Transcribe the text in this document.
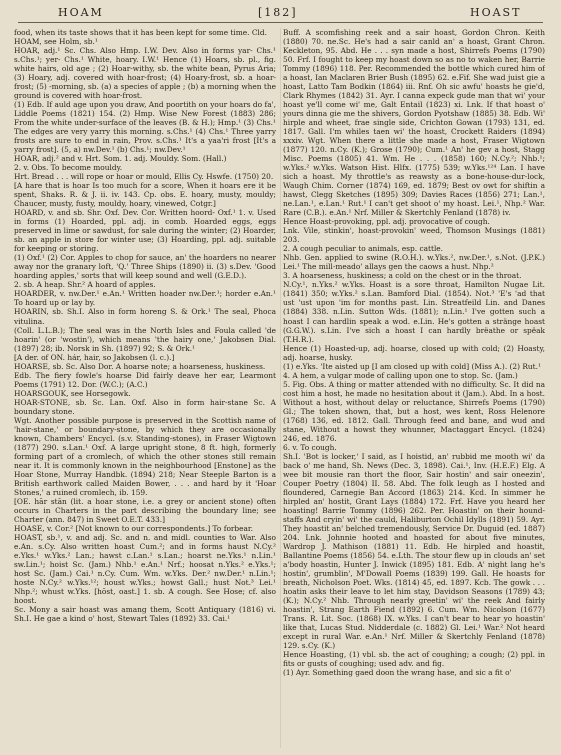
HOAM	[182]	HOAST

food, when its taste shows that it has been kept for some time. Cld.

HOAM, see Holm, sb.¹

HOAR, adj.¹ Sc. Chs. Also Hmp. I.W. Dev. Also in forms yar- Chs.¹ s.Chs.¹; yer- Chs.¹ White, hoary. I.W.¹ Hence (1) Hoars, sb. pl., fig. white hairs, old age ; (2) Hoar-withy, sb. the white bean, Pyrus Aria; (3) Hoary, adj. covered with hoar-frost; (4) Hoary-frost, sb. a hoar-frost; (5) -morning, sb. (a) a species of apple ; (b) a morning when the ground is covered with hoar-frost.

(1) Edb. If auld age upon you draw, And poortith on your hoars do fa', Liddle Poems (1821) 154. (2) Hmp. Wise New Forest (1883) 286; From the white under-surface of the leaves (B. & H.); Hmp.¹ (3) Chs.¹ The edges are very yarry this morning. s.Chs.¹ (4) Chs.¹ Three yarry frosts are sure to end in rain, Prov. s.Chs.¹ It's a yaa'ri frost [It's a yarry frost]. (5, a) nw.Dev.¹ (b) Chs.¹; nw.Dev.¹

HOAR, adj.² and v. Hrt. Som. 1. adj. Mouldy. Som. (Hall.)

2. v. Obs. To become mouldy.

Hrt. Bread . . . will rope or hoar or mould, Ellis Cy. Hswfe. (1750) 20.

[A hare that is hoar Is too much for a score, When it hoars ere it be spent, Shaks. R. & J. ii. iv. 143. Cp. obs. E. hoary, musty, mouldy; Chaucer, musty, fusty, mouldy, hoary, vinewed, Cotgr.]

HOARD, v. and sb. Shr. Oxf. Dev. Cor. Written hoord- Oxf.¹ 1. v. Used in forms (1) Hoarded, ppl. adj. in comb. Hoarded eggs, eggs preserved in lime or sawdust, for sale during the winter; (2) Hoarder, sb. an apple in store for winter use; (3) Hoarding, ppl. adj. suitable for keeping or storing.

(1) Oxf.¹ (2) Cor. Apples to chop for sauce, an' the hoarders no nearer away nor the granary loft, 'Q.' Three Ships (1890) ii. (3) s.Dev. 'Good hoarding apples,' sorts that will keep sound and well (G.E.D.).

2. sb. A heap. Shr.² A hoard of apples.

HOARDER, v. nw.Der.¹ e.An.¹ Written hoader nw.Der.¹; horder e.An.¹ To hoard up or lay by.

HOARIN, sb. Sh.I. Also in form horeng S. & Ork.¹ The seal, Phoca vitulina.

(Coll. L.L.B.); The seal was in the North Isles and Foula called 'de hoarin' (or 'wostin'), which means 'the hairy one,' Jakobsen Dial. (1897) 28; ib. Norsk in Sh. (1897) 92; S. & Ork.¹

[A der. of ON. hár, hair, so Jakobsen (l. c.).]

HOARSE, sb. Sc. Also Dor. A hoarse note; a hoarseness, huskiness.

Edb. The fiery fowle's hoarse Did fairly deave her ear, Learmont Poems (1791) 12. Dor. (W.C.); (A.C.)

HOARSGOUK, see Horsegowk.

HOAR-STONE, sb. Sc. Lan. Oxf. Also in form hair-stane Sc. A boundary stone.

Wgt. Another possible purpose is preserved in the Scottish name of 'hair-stane,' or boundary-stone, by which they are occasionally known, Chambers' Encycl. (s.v. Standing-stones), in Fraser Wigtown (1877) 290. s.Lan.¹ Oxf. A large upright stone, 8 ft. high, formerly forming part of a cromlech, of which the other stones still remain near it. It is commonly known in the neighbourhood [Enstone] as the Hoar Stone, Murray Handbk. (1894) 218; Near Steeple Barton is a British earthwork called Maiden Bower, . . . and hard by it 'Hoar Stones,' a ruined cromlech, ib. 159.

[OE. hār stān (lit. a hoar stone, i.e. a grey or ancient stone) often occurs in Charters in the part describing the boundary line; see Charter (ann. 847) in Sweet O.E.T. 433.]

HOASE, v. Cor.² [Not known to our correspondents.] To forbear.

HOAST, sb.¹, v. and adj. Sc. and n. and midl. counties to War. Also e.An. s.Cy. Also written hoast Cum.²; and in forms haust N.Cy.² e.Yks.¹ w.Yks.² Lan.; hawst c.Lan.¹ s.Lan.; hoarst ne.Yks.¹ n.Lin.¹ sw.Lin.¹; hoist Sc. (Jam.) Nhb.¹ e.An.¹ Nrf.; hoosat n.Yks.² e.Yks.¹; host Sc. (Jam.) Cai.¹ n.Cy. Cum. Wm. w.Yks. Der.² nw.Der.¹ n.Lin.¹; hoste N.Cy.² w.Yks.¹²; houst w.Yks.; howst Gall.; hust Not.³ Lei.¹ Nhp.²; whust w.Yks. [hōst, oast.] 1. sb. A cough. See Hose; cf. also hoost.

Sc. Mony a sair hoast was amang them, Scott Antiquary (1816) vi. Sh.I. He gae a kind o' host, Stewart Tales (1892) 33. Cai.¹

Buff. A scomfishing reek and a sair hoast, Gordon Chron. Keith (1880) 70. ne.Sc. He's had a sair canld an' a hoast, Grant Chron. Keckleton, 95. Abd. He . . . syn made a host, Shirrefs Poems (1790) 50. Frf. I fought to keep my hoast down so as no to waken her, Barrie Tommy (1896) 118. Per. Recommended the bottle which cured him of a hoast, Ian Maclaren Brier Bush (1895) 62. e.Fif. She wad juist gie a hoast, Latto Tam Bodkin (1864) iii. Rnf. Oh sic awfu' hoasts he gie'd, Clark Rhymes (1842) 31. Ayr. I canna expeck gude man that wi' your hoast ye'll come wi' me, Galt Entail (1823) xi. Lnk. If that hoast o' yours dinna gie me the shivers, Gordon Pyotshaw (1885) 38. Edb. Wi' hirple and wheet, frae single side, Crichton Gowan (1793) 131, ed. 1817. Gall. I'm whiles taen wi' the hoast, Crockett Raiders (1894) xxxiv. Wgt. When there a little she made a host, Fraser Wigtown (1877) 120. n.Cy. (K.); Grose (1790); Cum.¹ An' he gev a host, Stagg Misc. Poems (1805) 41. Wm. He . . . (1858) 160; N.Cy.²; Nhb.¹; w.Yks.² w.Yks. Watson Hist. Hlfx. (1775) 539; w.Yks.¹²⁴ Lan. I have sich a hoast. My throttle's as reawsty as a bone-house-dur-lock, Waugh Chim. Corner (1874) 169, ed. 1879; Best ov owt for shiftin a hawst, Clegg Sketches (1895) 309; Davies Races (1856) 271; Lan.¹, ne.Lan.¹, e.Lan.¹ Rut.¹ I can't get shoot o' my hoast. Lei.¹, Nhp.² War. Rare (C.B.). e.An.¹ Nrf. Miller & Skertchly Fenland (1878) iv.

Hence Hoast-provoking, ppl. adj. provocative of cough.

Lnk. Vile, stinkin', hoast-provokin' weed, Thomson Musings (1881) 203.

2. A cough peculiar to animals, esp. cattle.

Nhb. Gen. applied to swine (R.O.H.). w.Yks.², nw.Der.¹, s.Not. (J.P.K.) Lei.¹ The mill-meado' allays gen the caows a hust. Nhp.²

3. A hoarseness, huskiness; a cold on the chest or in the throat.

N.Cy.¹, n.Yks.² w.Yks. Hoast is a sore throat, Hamilton Nugae Lit. (1841) 350; w.Yks.² s.Lan. Bamford Dial. (1854). Not.³ 'E's 'ad that ust 'ust upon 'im for months past. Lin. Streatfeild Lin. and Danes (1884) 338. n.Lin. Sutton Wds. (1881); n.Lin.¹ I've gotten such a hoast I can hardlin speak a wod. e.Lin. He's gotten a stränge hoast (G.G.W.). s.Lin. I've sich a hoast I can hardly brëathe or spëak (T.H.R.).

Hence (1) Hoasted-up, adj. hoarse, closed up with cold; (2) Hoasty, adj. hoarse, husky.

(1) e.Yks. 'Ite aisted up [I am closed up with cold] (Miss A.). (2) Rut.¹

4. A hem, a vulgar mode of calling upon one to stop. Sc. (Jam.)

5. Fig. Obs. A thing or matter attended with no difficulty. Sc. It did na cost him a host, he made no hesitation about it (Jam.). Abd. In a host. Without a host, without delay or reluctance, Shirrefs Poems (1790) Gl.; The token shown, that, but a host, wes kent, Ross Helenore (1768) 136, ed. 1812. Gall. Through feed and bane, and wud and stane, Without a howst they whunner, Mactaggart Encycl. (1824) 246, ed. 1876.

6. v. To cough.

Sh.I. 'Bot is locker,' I said, as I hoistid, an' rubbid me mooth wi' da back o' me hand, Sh. News (Dec. 3, 1898). Cai.¹, Inv. (H.E.F.) Elg. A wee bit mousie ran thort the floor, Sair hostin' and sair oneezin', Couper Poetry (1804) II. 58. Abd. The folk leugh as I hosted and floundered, Carnegie Ban Accord (1863) 214. Kcd. In simmer he hirpled an' hostit, Grant Lays (1884) 172. Frf. Have you heard her hoasting! Barrie Tommy (1896) 262. Per. Hoastin' on their hound-staffs And cryin' wi' the cauld, Haliburton Ochil Idylls (1891) 59. Ayr. They hoastit an' belched tremendously, Service Dr. Duguid (ed. 1887) 204. Lnk. Johnnie hooted and hoasted for about five minutes, Wardrop J. Mathison (1881) 11. Edb. He hirpled and hoastit, Ballantine Poems (1856) 54. e.Lth. The stour flew up in clouds an' set a'body hoastin, Hunter J. Inwick (1895) 181. Edb. A' night lang he's hostin', grumblin', M'Dowall Poems (1839) 199. Gall. He hoasts for breath, Nicholson Poet. Wks. (1814) 45, ed. 1897. Kcb. The gowk . . . hoatin asks their leave to let him stay, Davidson Seasons (1789) 43; (K.); N.Cy.² Nhb. Through nearly greetin' wi' the reek And fairly hoastin', Strang Earth Fiend (1892) 6. Cum. Wm. Nicolson (1677) Trans. R. Lit. Soc. (1868) IX. w.Yks. I can't bear to hear yo hoastin' like that, Lucas Stud. Nidderdale (c. 1882) Gl. Lei.¹ War.² Not heard except in rural War. e.An.¹ Nrf. Miller & Skertchly Fenland (1878) 129. s.Cy. (K.)

Hence Hoasting, (1) vbl. sb. the act of coughing; a cough; (2) ppl. in fits or gusts of coughing; used adv. and fig.

(1) Ayr. Something gaed doon the wrang hase, and sic a fit o'
